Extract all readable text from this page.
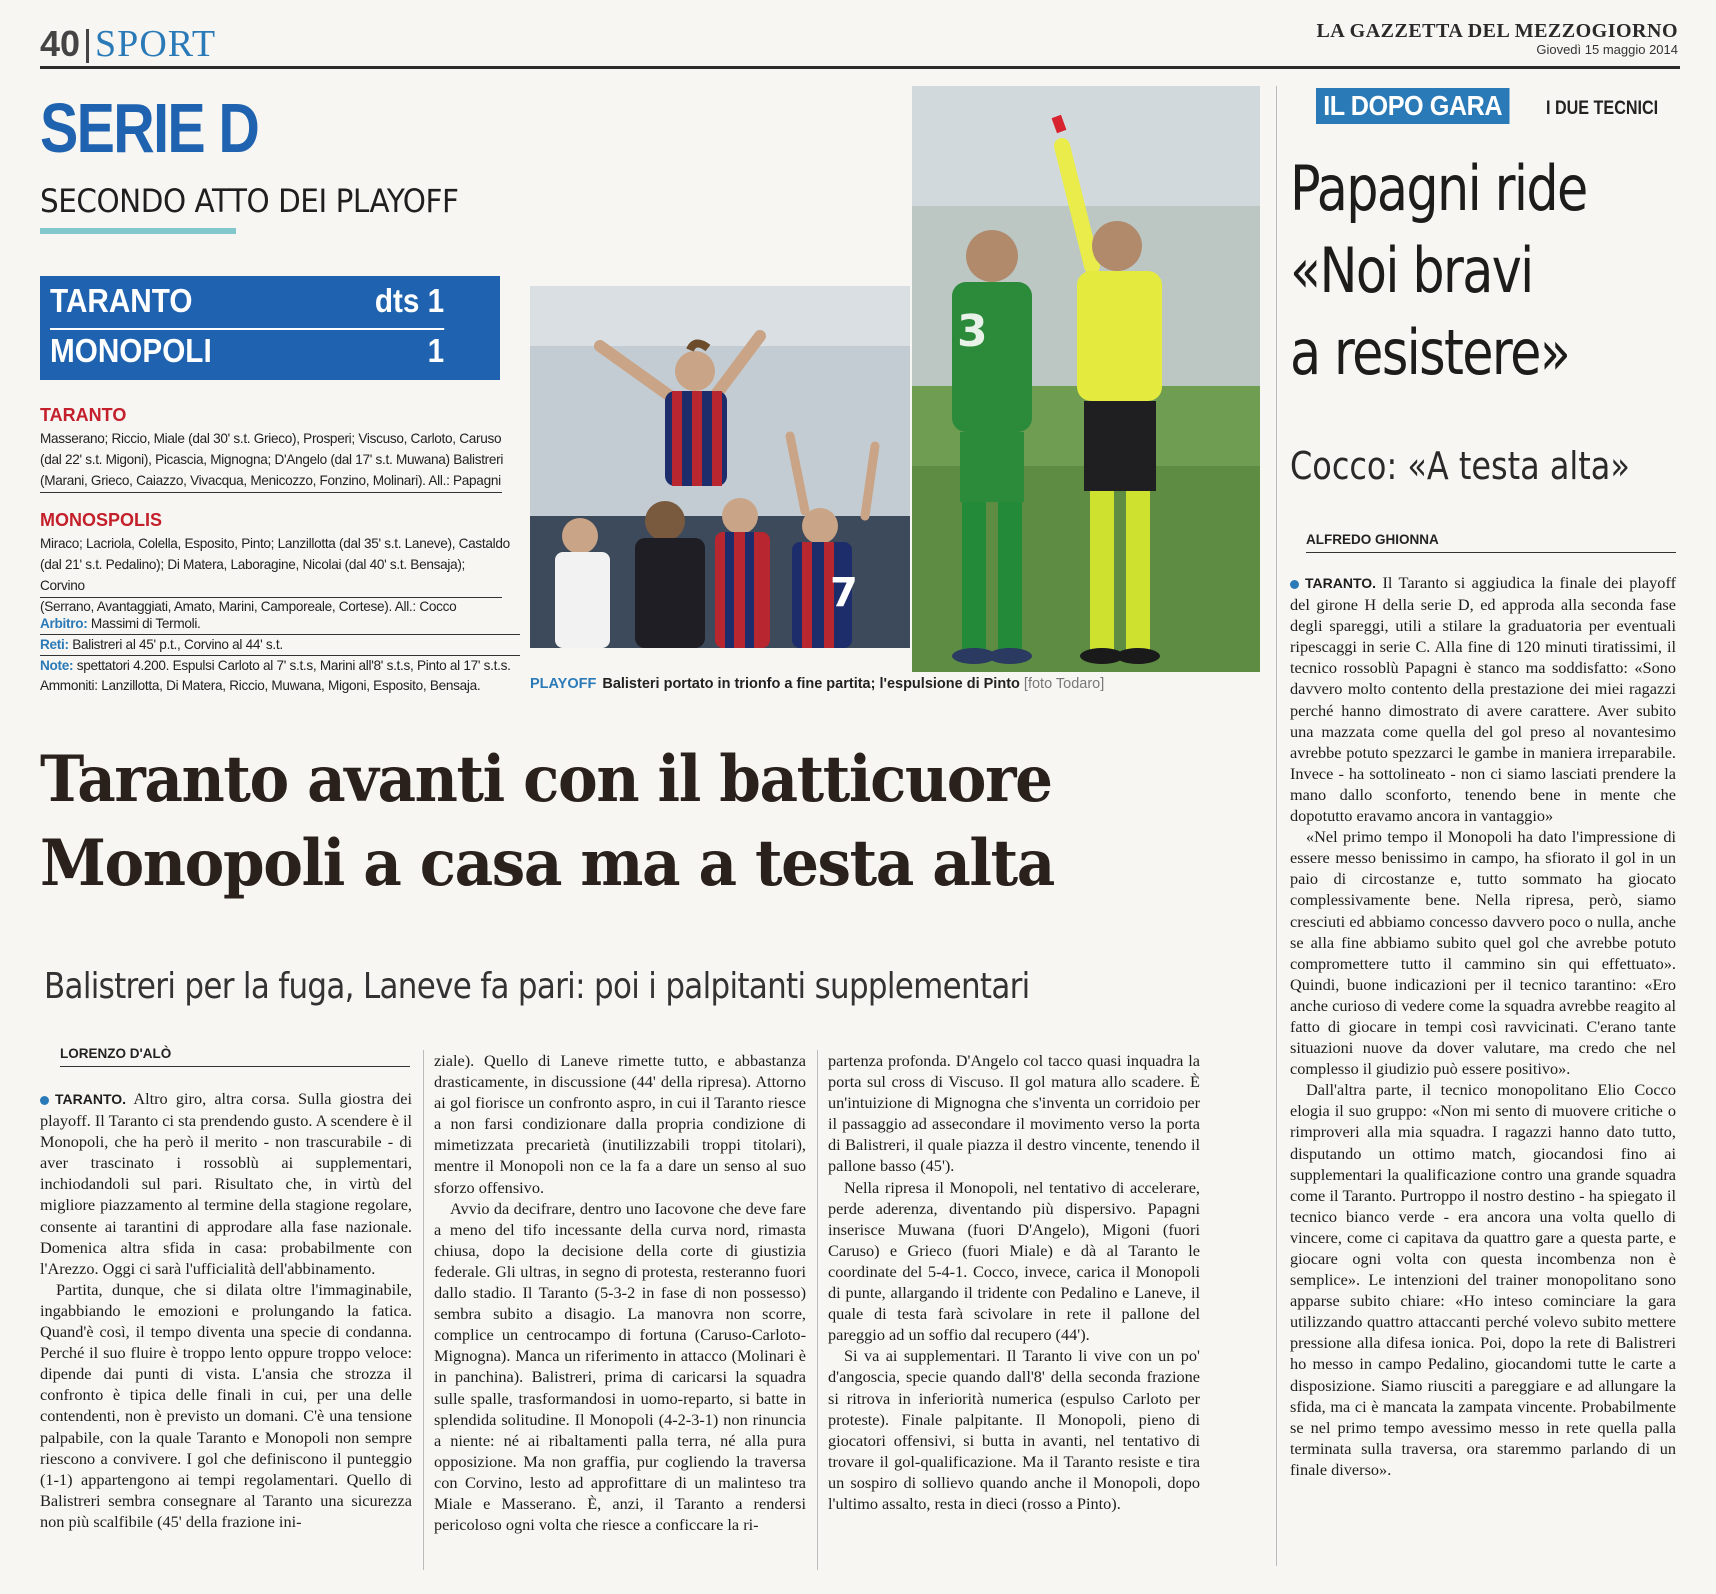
40 SPORT	LA GAZZETTA DEL MEZZOGIORNO
Giovedì 15 maggio 2014
SERIE D
SECONDO ATTO DEI PLAYOFF
TARANTO	dts 1
MONOPOLI	1
TARANTO
Masserano; Riccio, Miale (dal 30' s.t. Grieco), Prosperi; Viscuso, Carloto, Caruso
(dal 22' s.t. Migoni), Picascia, Mignogna; D'Angelo (dal 17' s.t. Muwana) Balistreri
(Marani, Grieco, Caiazzo, Vivacqua, Menicozzo, Fonzino, Molinari). All.: Papagni
MONOSPOLIS
Miraco; Lacriola, Colella, Esposito, Pinto; Lanzillotta (dal 35' s.t. Laneve), Castaldo
(dal 21' s.t. Pedalino); Di Matera, Laboragine, Nicolai (dal 40' s.t. Bensaja); Corvino
(Serrano, Avantaggiati, Amato, Marini, Camporeale, Cortese). All.: Cocco
Arbitro: Massimi di Termoli.
Reti: Balistreri al 45' p.t., Corvino al 44' s.t.
Note: spettatori 4.200. Espulsi Carloto al 7' s.t.s, Marini all'8' s.t.s, Pinto al 17' s.t.s.
Ammoniti: Lanzillotta, Di Matera, Riccio, Muwana, Migoni, Esposito, Bensaja.
7
3
PLAYOFF Balisteri portato in trionfo a fine partita; l'espulsione di Pinto [foto Todaro]
Taranto avanti con il batticuore
Monopoli a casa ma a testa alta
Balistreri per la fuga, Laneve fa pari: poi i palpitanti supplementari
LORENZO D'ALÒ

TARANTO. Altro giro, altra corsa. Sulla giostra dei playoff. Il Taranto ci sta prendendo gusto. A scendere è il Monopoli, che ha però il merito - non trascurabile - di aver trascinato i rossoblù ai supplementari, inchiodandoli sul pari. Risultato che, in virtù del migliore piazzamento al termine della stagione regolare, consente ai tarantini di approdare alla fase nazionale. Domenica altra sfida in casa: probabilmente con l'Arezzo. Oggi ci sarà l'ufficialità dell'abbinamento.

Partita, dunque, che si dilata oltre l'immaginabile, ingabbiando le emozioni e prolungando la fatica. Quand'è così, il tempo diventa una specie di condanna. Perché il suo fluire è troppo lento oppure troppo veloce: dipende dai punti di vista. L'ansia che strozza il confronto è tipica delle finali in cui, per una delle contendenti, non è previsto un domani. C'è una tensione palpabile, con la quale Taranto e Monopoli non sempre riescono a convivere. I gol che definiscono il punteggio (1-1) appartengono ai tempi regolamentari. Quello di Balistreri sembra consegnare al Taranto una sicurezza non più scalfibile (45' della frazione ini-

ziale). Quello di Laneve rimette tutto, e abbastanza drasticamente, in discussione (44' della ripresa). Attorno ai gol fiorisce un confronto aspro, in cui il Taranto riesce a non farsi condizionare dalla propria condizione di mimetizzata precarietà (inutilizzabili troppi titolari), mentre il Monopoli non ce la fa a dare un senso al suo sforzo offensivo.

Avvio da decifrare, dentro uno Iacovone che deve fare a meno del tifo incessante della curva nord, rimasta chiusa, dopo la decisione della corte di giustizia federale. Gli ultras, in segno di protesta, resteranno fuori dallo stadio. Il Taranto (5-3-2 in fase di non possesso) sembra subito a disagio. La manovra non scorre, complice un centrocampo di fortuna (Caruso-Carloto-Mignogna). Manca un riferimento in attacco (Molinari è in panchina). Balistreri, prima di caricarsi la squadra sulle spalle, trasformandosi in uomo-reparto, si batte in splendida solitudine. Il Monopoli (4-2-3-1) non rinuncia a niente: né ai ribaltamenti palla terra, né alla pura opposizione. Ma non graffia, pur cogliendo la traversa con Corvino, lesto ad approfittare di un malinteso tra Miale e Masserano. È, anzi, il Taranto a rendersi pericoloso ogni volta che riesce a conficcare la ri-

partenza profonda. D'Angelo col tacco quasi inquadra la porta sul cross di Viscuso. Il gol matura allo scadere. È un'intuizione di Mignogna che s'inventa un corridoio per il passaggio ad assecondare il movimento verso la porta di Balistreri, il quale piazza il destro vincente, tenendo il pallone basso (45').

Nella ripresa il Monopoli, nel tentativo di accelerare, perde aderenza, diventando più dispersivo. Papagni inserisce Muwana (fuori D'Angelo), Migoni (fuori Caruso) e Grieco (fuori Miale) e dà al Taranto le coordinate del 5-4-1. Cocco, invece, carica il Monopoli di punte, allargando il tridente con Pedalino e Laneve, il quale di testa farà scivolare in rete il pallone del pareggio ad un soffio dal recupero (44').

Si va ai supplementari. Il Taranto li vive con un po' d'angoscia, specie quando dall'8' della seconda frazione si ritrova in inferiorità numerica (espulso Carloto per proteste). Finale palpitante. Il Monopoli, pieno di giocatori offensivi, si butta in avanti, nel tentativo di trovare il gol-qualificazione. Ma il Taranto resiste e tira un sospiro di sollievo quando anche il Monopoli, dopo l'ultimo assalto, resta in dieci (rosso a Pinto).

IL DOPO GARA	I DUE TECNICI
Papagni ride
«Noi bravi
a resistere»
Cocco: «A testa alta»
ALFREDO GHIONNA

TARANTO. Il Taranto si aggiudica la finale dei playoff del girone H della serie D, ed approda alla seconda fase degli spareggi, utili a stilare la graduatoria per eventuali ripescaggi in serie C. Alla fine di 120 minuti tiratissimi, il tecnico rossoblù Papagni è stanco ma soddisfatto: «Sono davvero molto contento della prestazione dei miei ragazzi perché hanno dimostrato di avere carattere. Aver subito una mazzata come quella del gol preso al novantesimo avrebbe potuto spezzarci le gambe in maniera irreparabile. Invece - ha sottolineato - non ci siamo lasciati prendere la mano dallo sconforto, tenendo bene in mente che dopotutto eravamo ancora in vantaggio»

«Nel primo tempo il Monopoli ha dato l'impressione di essere messo benissimo in campo, ha sfiorato il gol in un paio di circostanze e, tutto sommato ha giocato complessivamente bene. Nella ripresa, però, siamo cresciuti ed abbiamo concesso davvero poco o nulla, anche se alla fine abbiamo subito quel gol che avrebbe potuto compromettere tutto il cammino sin qui effettuato». Quindi, buone indicazioni per il tecnico tarantino: «Ero anche curioso di vedere come la squadra avrebbe reagito al fatto di giocare in tempi così ravvicinati. C'erano tante situazioni nuove da dover valutare, ma credo che nel complesso il giudizio può essere positivo».

Dall'altra parte, il tecnico monopolitano Elio Cocco elogia il suo gruppo: «Non mi sento di muovere critiche o rimproveri alla mia squadra. I ragazzi hanno dato tutto, disputando un ottimo match, giocandosi fino ai supplementari la qualificazione contro una grande squadra come il Taranto. Purtroppo il nostro destino - ha spiegato il tecnico bianco verde - era ancora una volta quello di vincere, come ci capitava da quattro gare a questa parte, e giocare ogni volta con questa incombenza non è semplice». Le intenzioni del trainer monopolitano sono apparse subito chiare: «Ho inteso cominciare la gara utilizzando quattro attaccanti perché volevo subito mettere pressione alla difesa ionica. Poi, dopo la rete di Balistreri ho messo in campo Pedalino, giocandomi tutte le carte a disposizione. Siamo riusciti a pareggiare e ad allungare la sfida, ma ci è mancata la zampata vincente. Probabilmente se nel primo tempo avessimo messo in rete quella palla terminata sulla traversa, ora staremmo parlando di un finale diverso».
